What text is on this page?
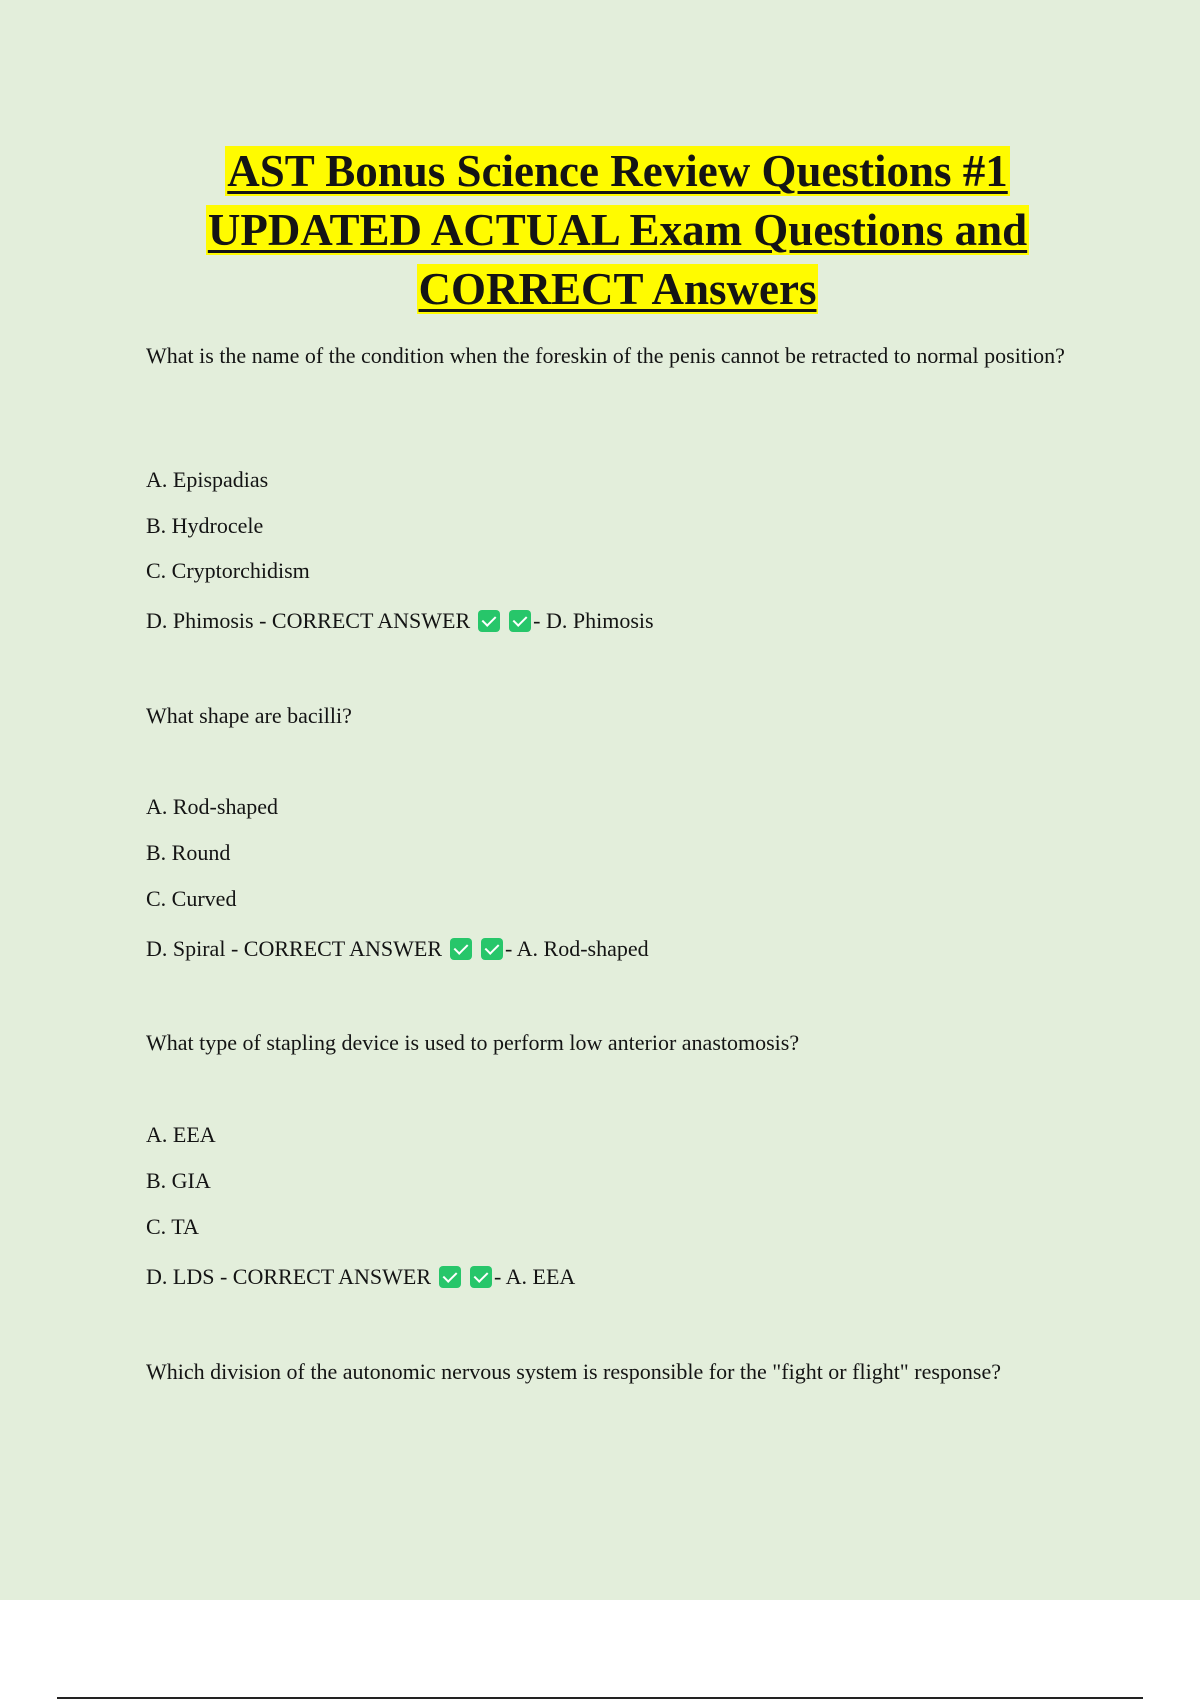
AST Bonus Science Review Questions #1
UPDATED ACTUAL Exam Questions and
CORRECT Answers
What is the name of the condition when the foreskin of the penis cannot be retracted to normal position?
A. Epispadias
B. Hydrocele
C. Cryptorchidism
D. Phimosis - CORRECT ANSWER	- D. Phimosis
What shape are bacilli?
A. Rod-shaped
B. Round
C. Curved
D. Spiral - CORRECT ANSWER	- A. Rod-shaped
What type of stapling device is used to perform low anterior anastomosis?
A. EEA
B. GIA
C. TA
D. LDS - CORRECT ANSWER	- A. EEA
Which division of the autonomic nervous system is responsible for the "fight or flight" response?
